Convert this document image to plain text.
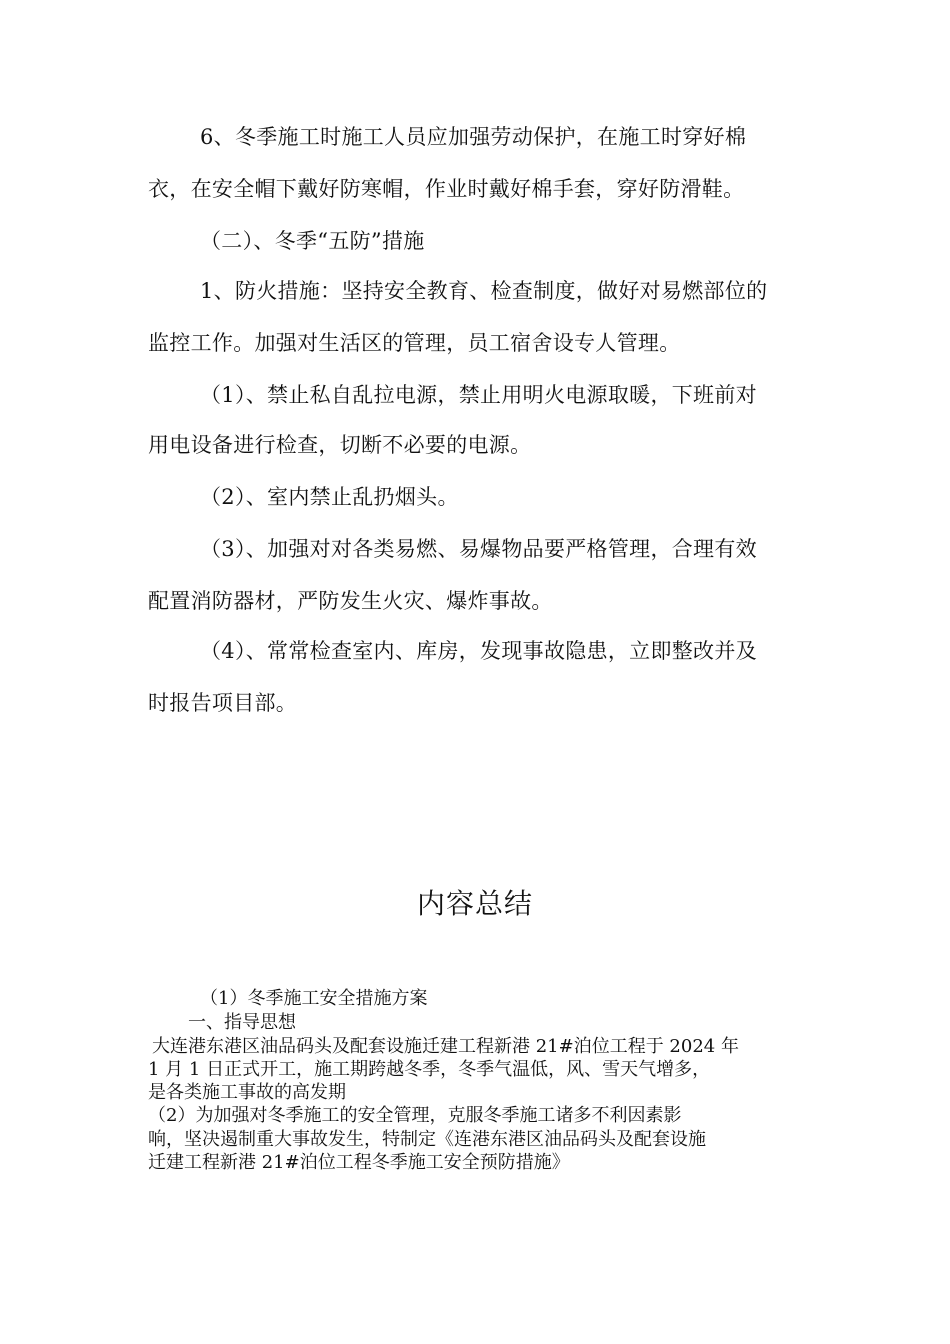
6、冬季施工时施工人员应加强劳动保护，在施工时穿好棉
衣，在安全帽下戴好防寒帽，作业时戴好棉手套，穿好防滑鞋。
（二）、冬季“五防”措施
1、防火措施：坚持安全教育、检查制度，做好对易燃部位的
监控工作。加强对生活区的管理，员工宿舍设专人管理。
（1）、禁止私自乱拉电源，禁止用明火电源取暖，下班前对
用电设备进行检查，切断不必要的电源。
（2）、室内禁止乱扔烟头。
（3）、加强对对各类易燃、易爆物品要严格管理，合理有效
配置消防器材，严防发生火灾、爆炸事故。
（4）、常常检查室内、库房，发现事故隐患，立即整改并及
时报告项目部。
内容总结
（1）冬季施工安全措施方案
一、指导思想
大连港东港区油品码头及配套设施迁建工程新港 21#泊位工程于 2024 年
1 月 1 日正式开工，施工期跨越冬季，冬季气温低，风、雪天气增多，
是各类施工事故的高发期
（2）为加强对冬季施工的安全管理，克服冬季施工诸多不利因素影
响，坚决遏制重大事故发生，特制定《连港东港区油品码头及配套设施
迁建工程新港 21#泊位工程冬季施工安全预防措施》
